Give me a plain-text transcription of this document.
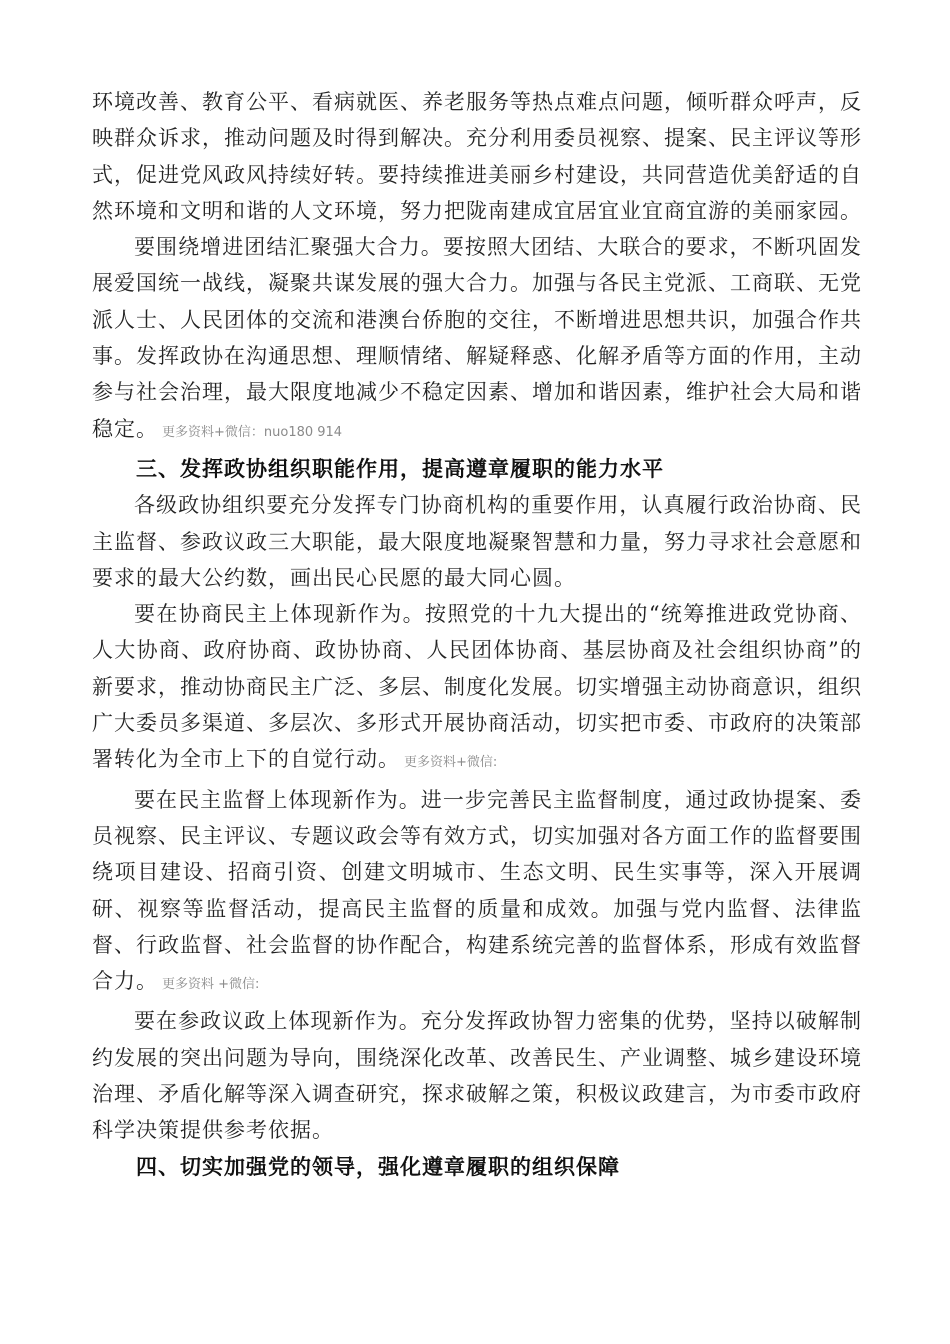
环境改善、教育公平、看病就医、养老服务等热点难点问题，倾听群众呼声，反映群众诉求，推动问题及时得到解决。充分利用委员视察、提案、民主评议等形式，促进党风政风持续好转。要持续推进美丽乡村建设，共同营造优美舒适的自然环境和文明和谐的人文环境，努力把陇南建成宜居宜业宜商宜游的美丽家园。

要围绕增进团结汇聚强大合力。要按照大团结、大联合的要求，不断巩固发展爱国统一战线，凝聚共谋发展的强大合力。加强与各民主党派、工商联、无党派人士、人民团体的交流和港澳台侨胞的交往，不断增进思想共识，加强合作共事。发挥政协在沟通思想、理顺情绪、解疑释惑、化解矛盾等方面的作用，主动参与社会治理，最大限度地减少不稳定因素、增加和谐因素，维护社会大局和谐稳定。 更多资料+微信：nuo180 914

三、发挥政协组织职能作用，提高遵章履职的能力水平

各级政协组织要充分发挥专门协商机构的重要作用，认真履行政治协商、民主监督、参政议政三大职能，最大限度地凝聚智慧和力量，努力寻求社会意愿和要求的最大公约数，画出民心民愿的最大同心圆。

要在协商民主上体现新作为。按照党的十九大提出的“统筹推进政党协商、人大协商、政府协商、政协协商、人民团体协商、基层协商及社会组织协商”的新要求，推动协商民主广泛、多层、制度化发展。切实增强主动协商意识，组织广大委员多渠道、多层次、多形式开展协商活动，切实把市委、市政府的决策部署转化为全市上下的自觉行动。 更多资料+微信:

要在民主监督上体现新作为。进一步完善民主监督制度，通过政协提案、委员视察、民主评议、专题议政会等有效方式，切实加强对各方面工作的监督要围绕项目建设、招商引资、创建文明城市、生态文明、民生实事等，深入开展调研、视察等监督活动，提高民主监督的质量和成效。加强与党内监督、法律监督、行政监督、社会监督的协作配合，构建系统完善的监督体系，形成有效监督合力。 更多资料 +微信:

要在参政议政上体现新作为。充分发挥政协智力密集的优势，坚持以破解制约发展的突出问题为导向，围绕深化改革、改善民生、产业调整、城乡建设环境治理、矛盾化解等深入调查研究，探求破解之策，积极议政建言，为市委市政府科学决策提供参考依据。

四、切实加强党的领导，强化遵章履职的组织保障
